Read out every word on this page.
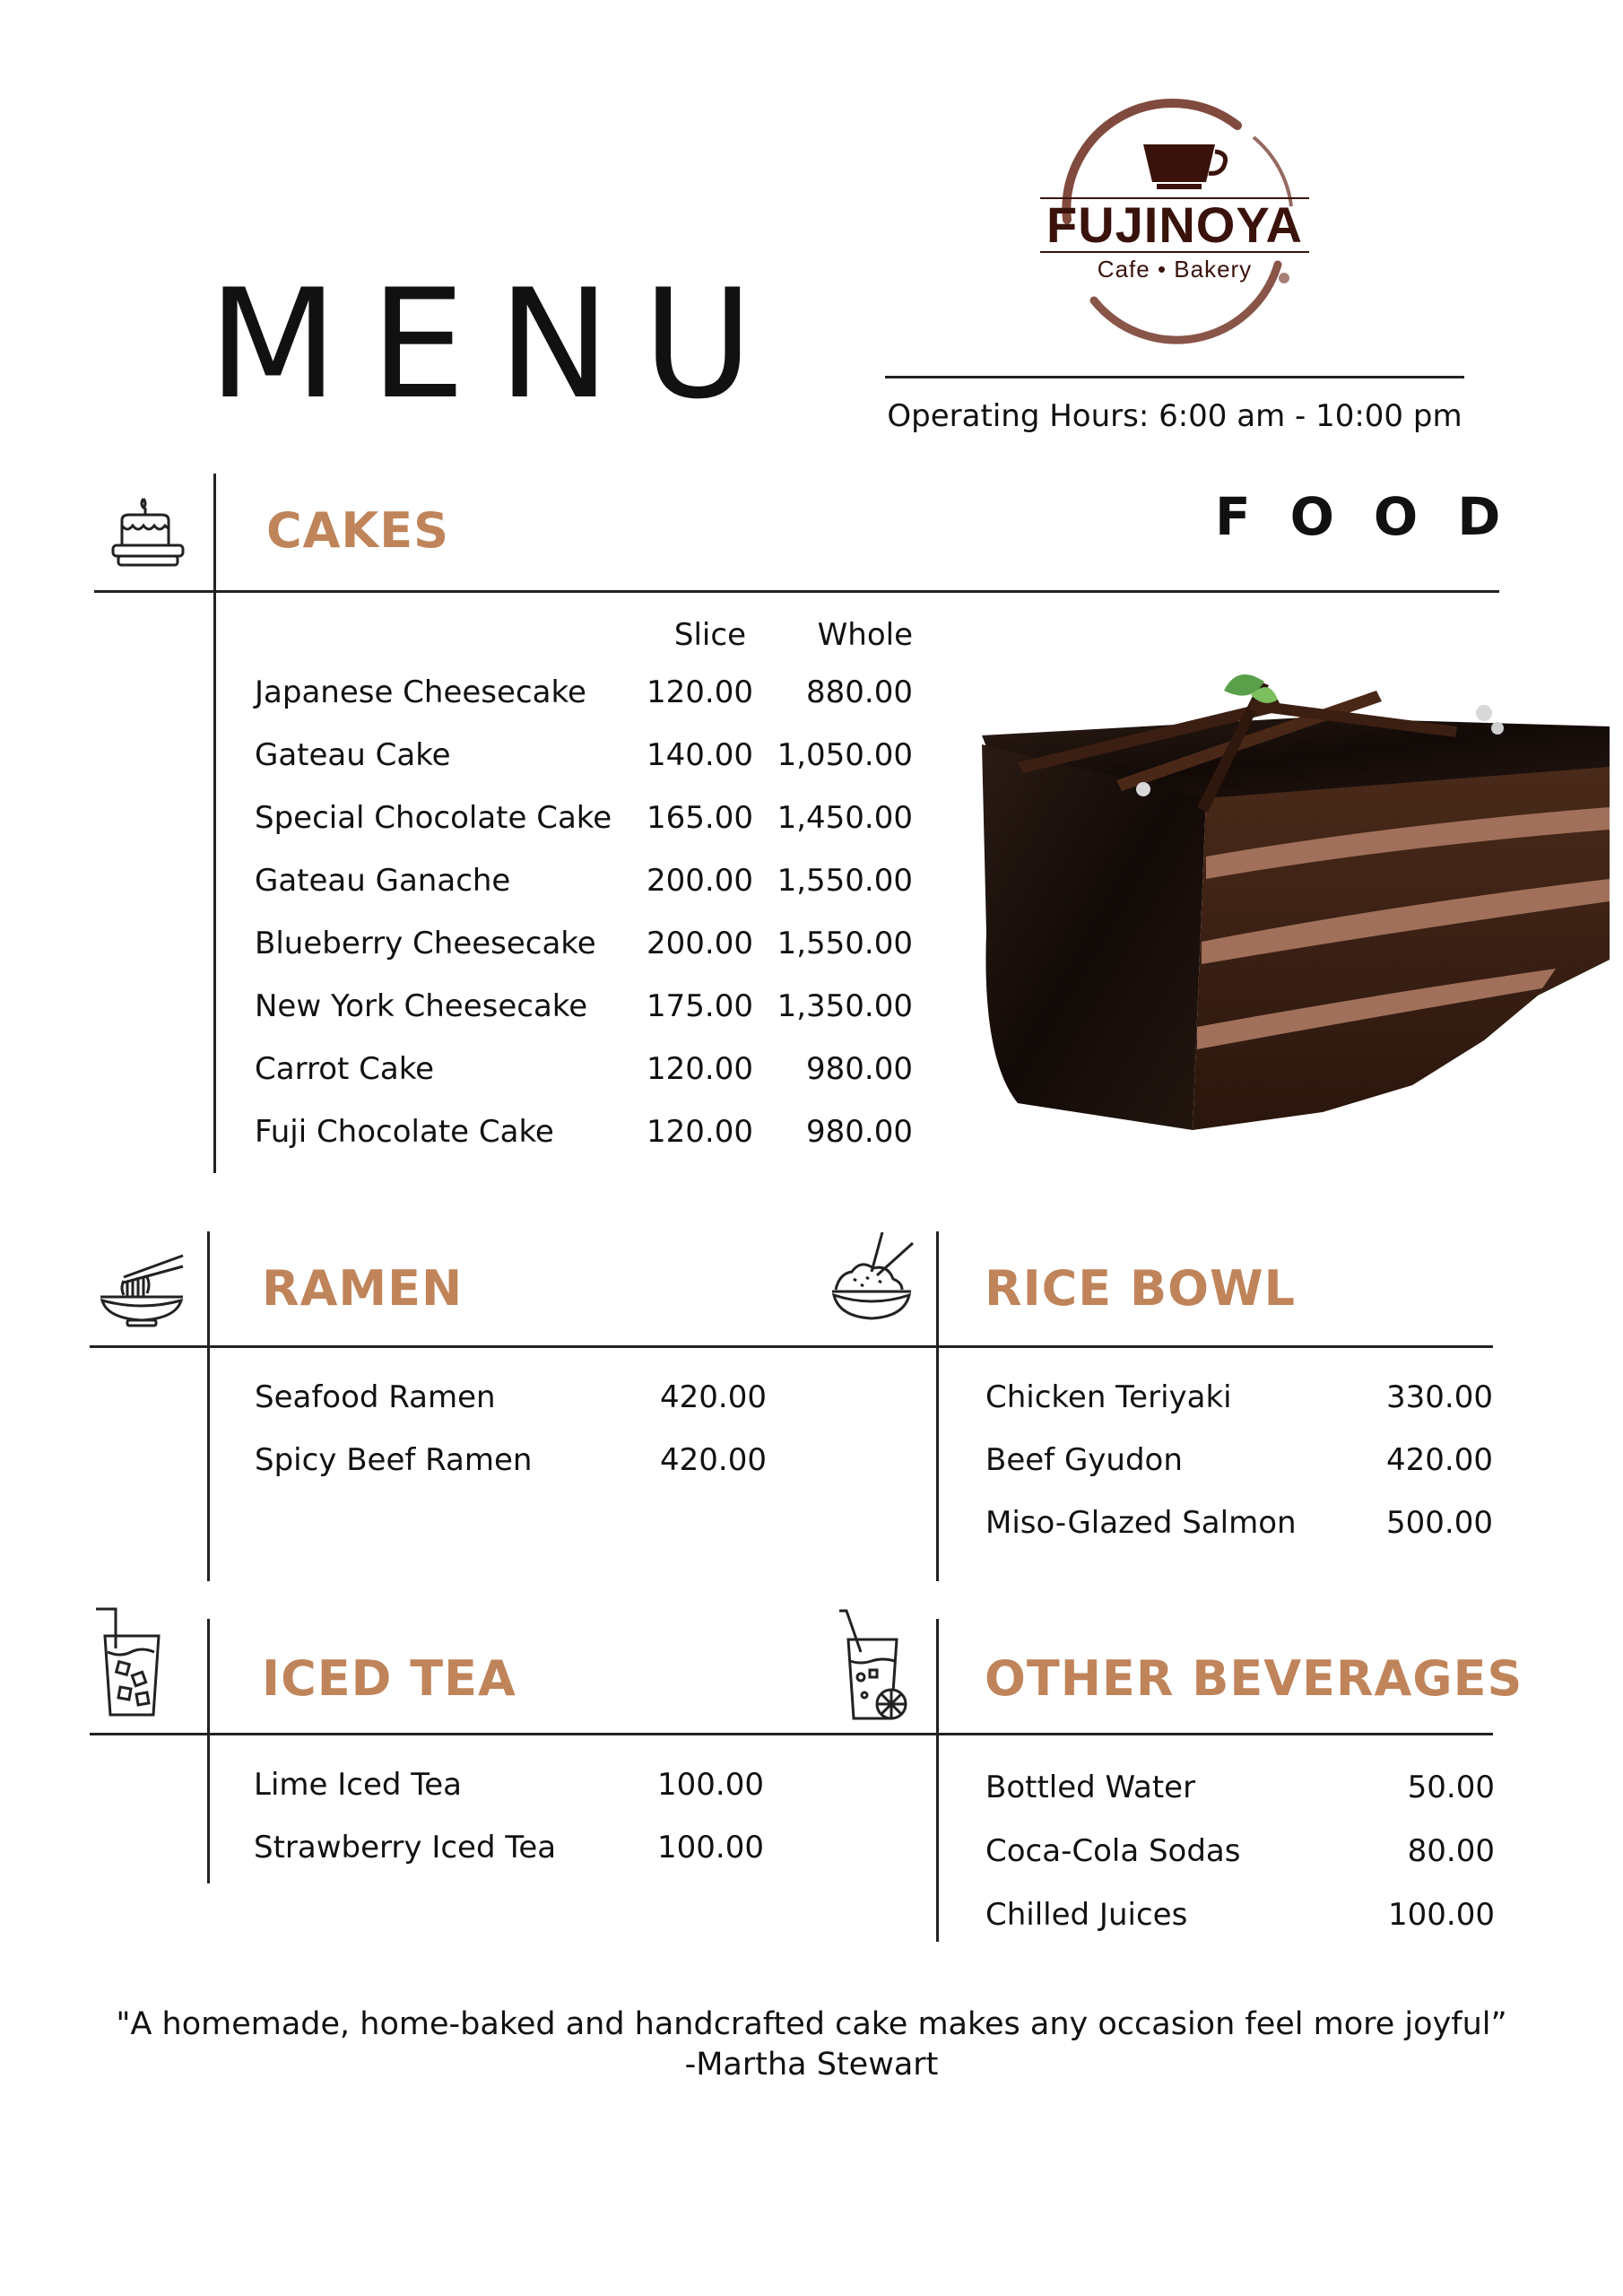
MENU
FUJINOYA
Cafe • Bakery
Operating Hours: 6:00 am - 10:00 pm
FOOD
CAKES
Slice	Whole
Japanese Cheesecake	120.00	880.00
Gateau Cake	140.00 1,050.00
Special Chocolate Cake	165.00 1,450.00
Gateau Ganache	200.00 1,550.00
Blueberry Cheesecake	200.00 1,550.00
New York Cheesecake	175.00 1,350.00
Carrot Cake	120.00	980.00
Fuji Chocolate Cake	120.00	980.00
RAMEN
Seafood Ramen	420.00
Spicy Beef Ramen	420.00
RICE BOWL
Chicken Teriyaki	330.00
Beef Gyudon	420.00
Miso-Glazed Salmon	500.00
ICED TEA
Lime Iced Tea	100.00
Strawberry Iced Tea	100.00
OTHER BEVERAGES
Bottled Water	50.00
Coca-Cola Sodas	80.00
Chilled Juices	100.00
"A homemade, home-baked and handcrafted cake makes any occasion feel more joyful”
-Martha Stewart
